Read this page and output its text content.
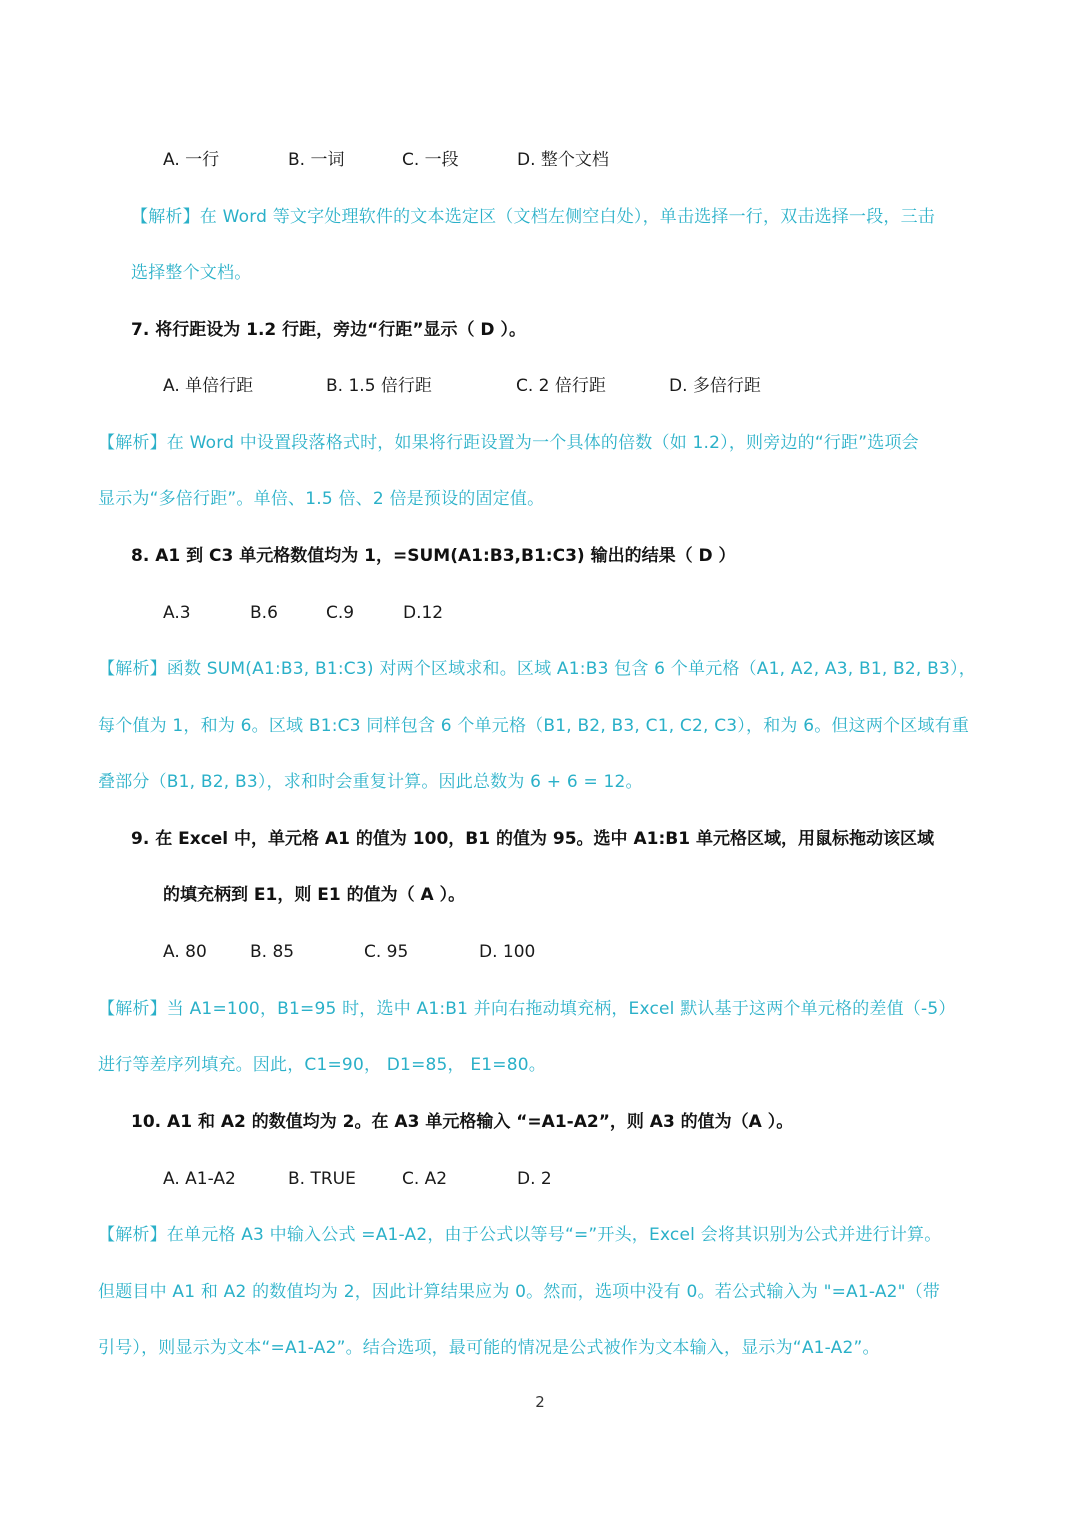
A. 一行	B. 一词	C. 一段	D. 整个文档
【解析】在 Word 等文字处理软件的文本选定区（文档左侧空白处），单击选择一行，双击选择一段，三击
选择整个文档。
7. 将行距设为 1.2 行距，旁边“行距”显示（ D ）。
A. 单倍行距	B. 1.5 倍行距	C. 2 倍行距	D. 多倍行距
【解析】在 Word 中设置段落格式时，如果将行距设置为一个具体的倍数（如 1.2），则旁边的“行距”选项会
显示为“多倍行距”。单倍、1.5 倍、2 倍是预设的固定值。
8. A1 到 C3 单元格数值均为 1，=SUM(A1:B3,B1:C3) 输出的结果（ D ）
A.3	B.6	C.9	D.12
【解析】函数 SUM(A1:B3, B1:C3) 对两个区域求和。区域 A1:B3 包含 6 个单元格（A1, A2, A3, B1, B2, B3），
每个值为 1，和为 6。区域 B1:C3 同样包含 6 个单元格（B1, B2, B3, C1, C2, C3），和为 6。但这两个区域有重
叠部分（B1, B2, B3），求和时会重复计算。因此总数为 6 + 6 = 12。
9. 在 Excel 中，单元格 A1 的值为 100，B1 的值为 95。选中 A1:B1 单元格区域，用鼠标拖动该区域
的填充柄到 E1，则 E1 的值为（ A ）。
A. 80	B. 85	C. 95	D. 100
【解析】当 A1=100，B1=95 时，选中 A1:B1 并向右拖动填充柄，Excel 默认基于这两个单元格的差值（-5）
进行等差序列填充。因此，C1=90， D1=85， E1=80。
10. A1 和 A2 的数值均为 2。在 A3 单元格输入 “=A1-A2”，则 A3 的值为（A ）。
A. A1-A2	B. TRUE	C. A2	D. 2
【解析】在单元格 A3 中输入公式 =A1-A2，由于公式以等号“=”开头，Excel 会将其识别为公式并进行计算。
但题目中 A1 和 A2 的数值均为 2，因此计算结果应为 0。然而，选项中没有 0。若公式输入为 "=A1-A2"（带
引号），则显示为文本“=A1-A2”。结合选项，最可能的情况是公式被作为文本输入，显示为“A1-A2”。
2
